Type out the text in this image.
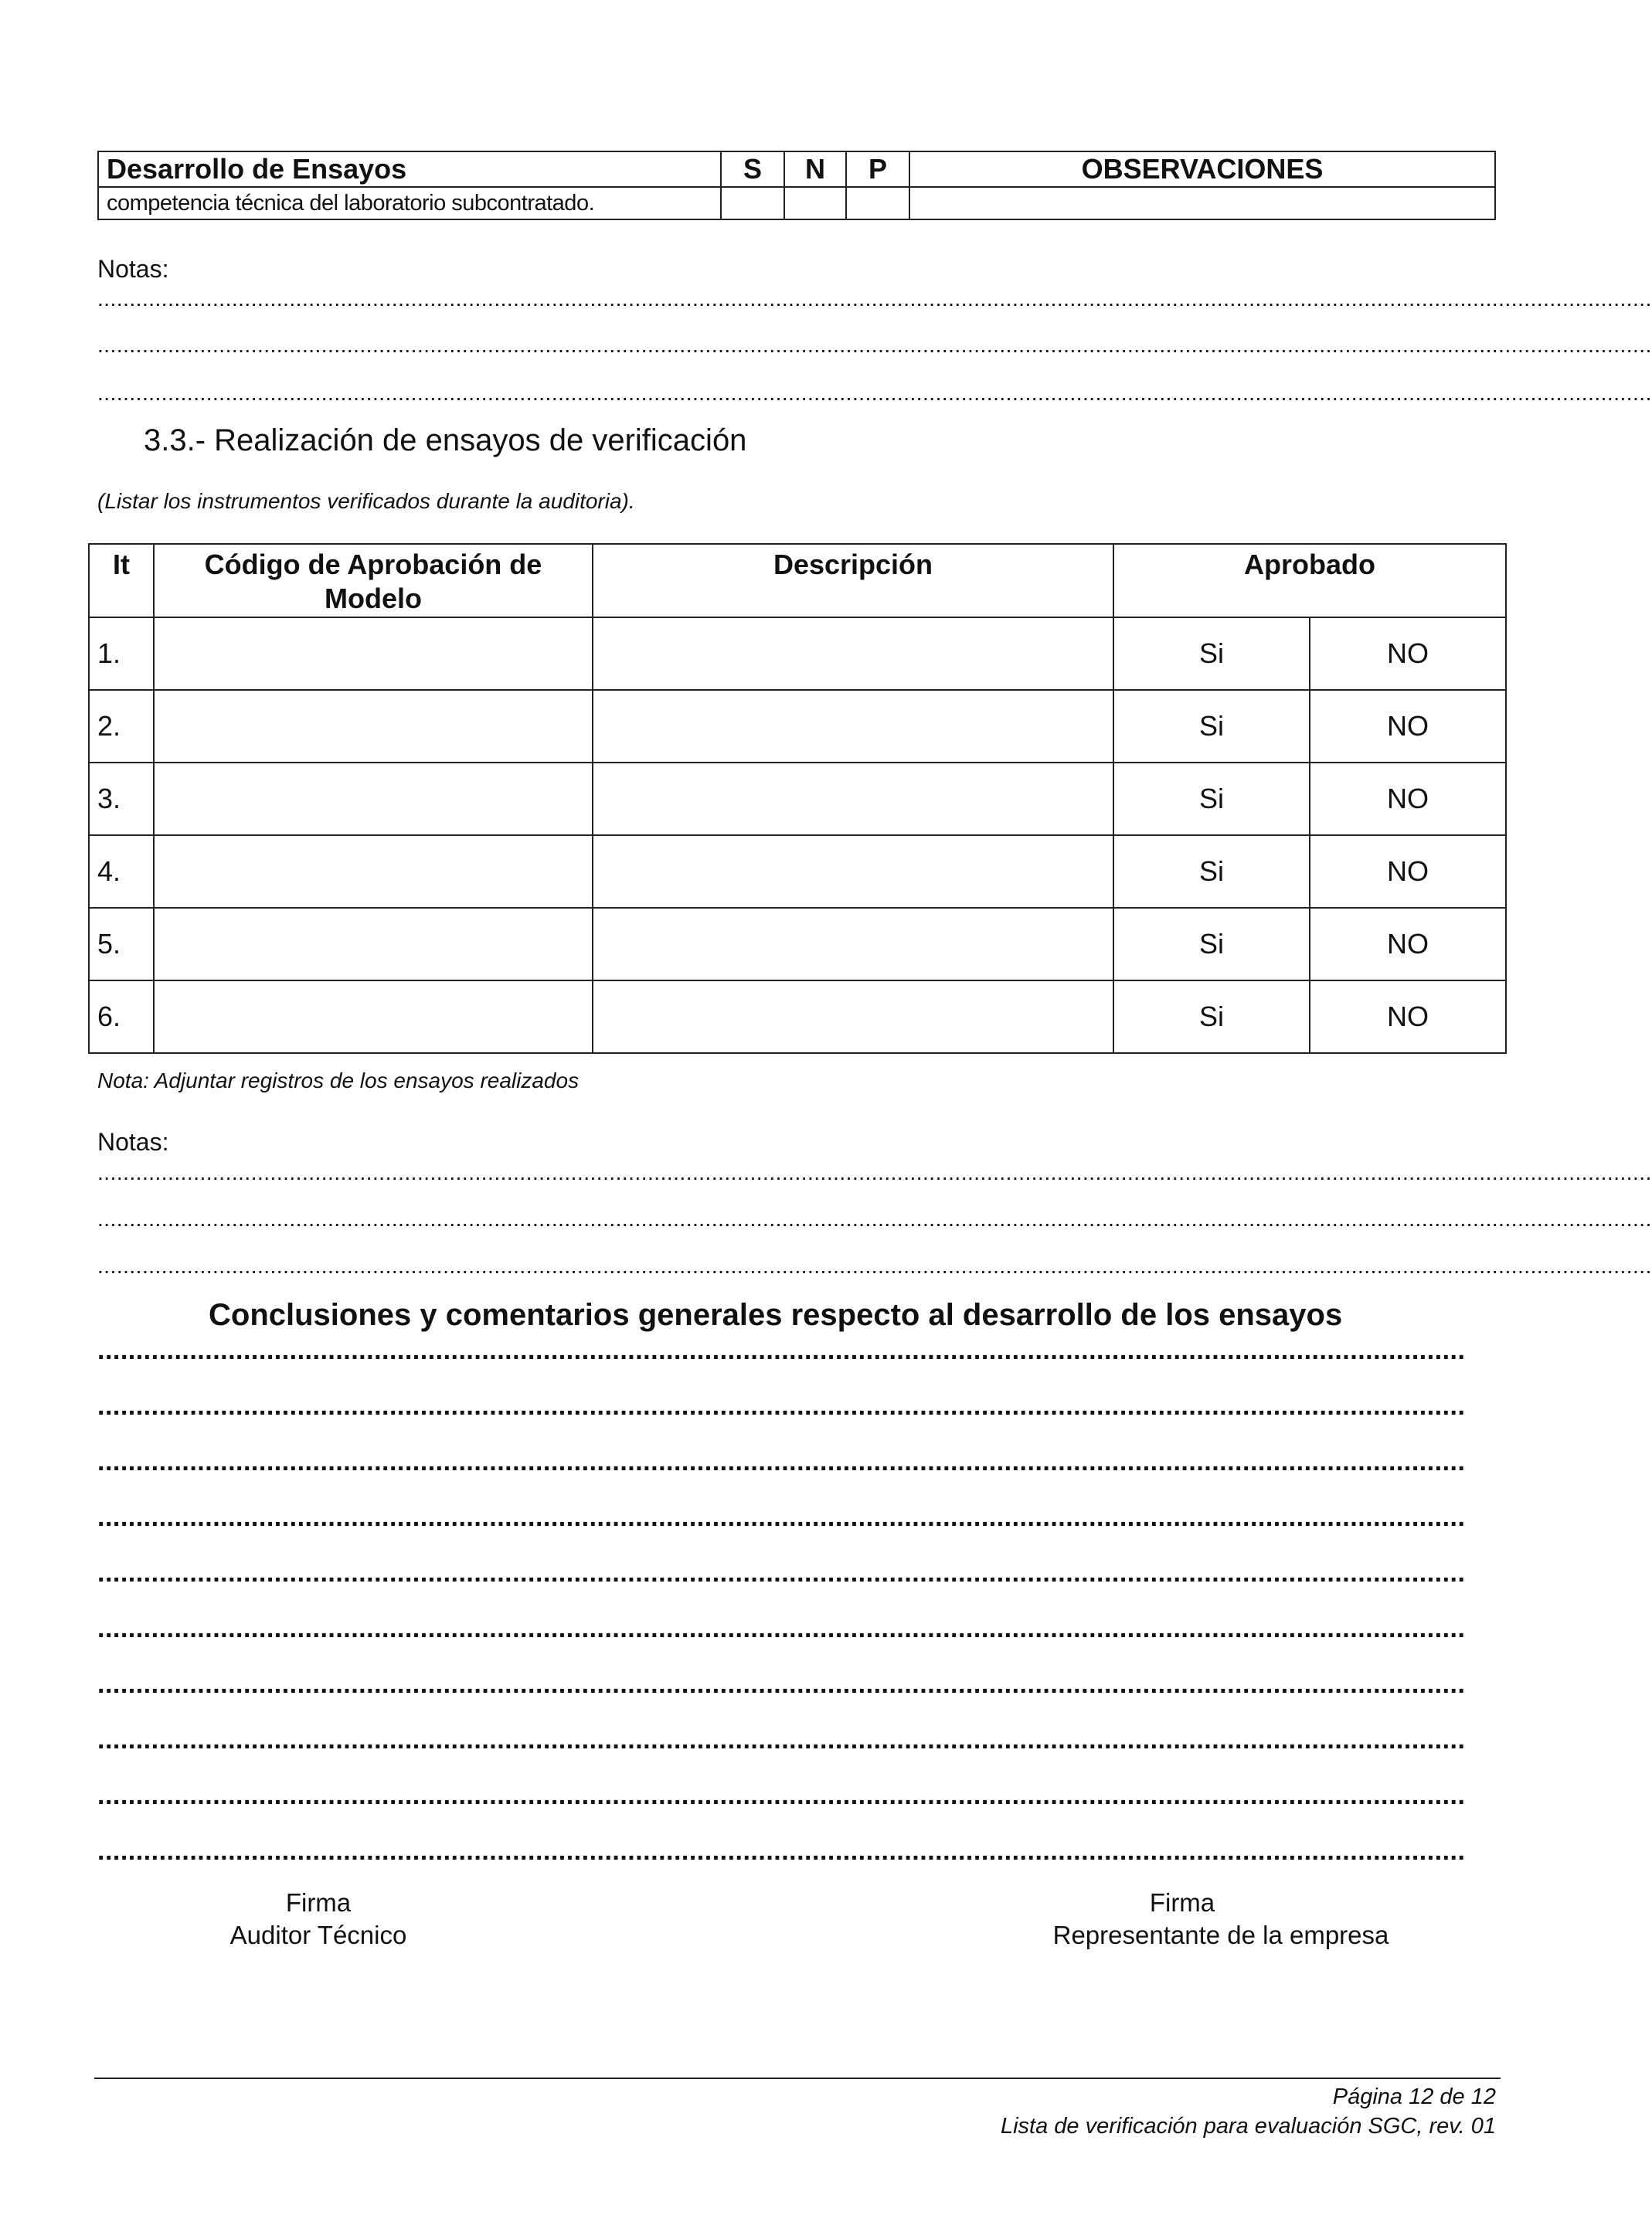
Desarrollo de Ensayos	S	N	P	OBSERVACIONES
competencia técnica del laboratorio subcontratado.				
Notas:
...................................................................................................................................................................................................................................................
...................................................................................................................................................................................................................................................
...................................................................................................................................................................................................................................................
3.3.- Realización de ensayos de verificación
(Listar los instrumentos verificados durante la auditoria).
It	Código de Aprobación de
Modelo	Descripción	Aprobado	
1.			Si	NO
2.			Si	NO
3.			Si	NO
4.			Si	NO
5.			Si	NO
6.			Si	NO
Nota: Adjuntar registros de los ensayos realizados
Notas:
...................................................................................................................................................................................................................................................
...................................................................................................................................................................................................................................................
...................................................................................................................................................................................................................................................
Conclusiones y comentarios generales respecto al desarrollo de los ensayos
..................................................................................................................................................................................
..................................................................................................................................................................................
..................................................................................................................................................................................
..................................................................................................................................................................................
..................................................................................................................................................................................
..................................................................................................................................................................................
..................................................................................................................................................................................
..................................................................................................................................................................................
..................................................................................................................................................................................
..................................................................................................................................................................................
Firma
Auditor Técnico
Firma
Representante de la empresa
Página 12 de 12
Lista de verificación para evaluación SGC, rev. 01
